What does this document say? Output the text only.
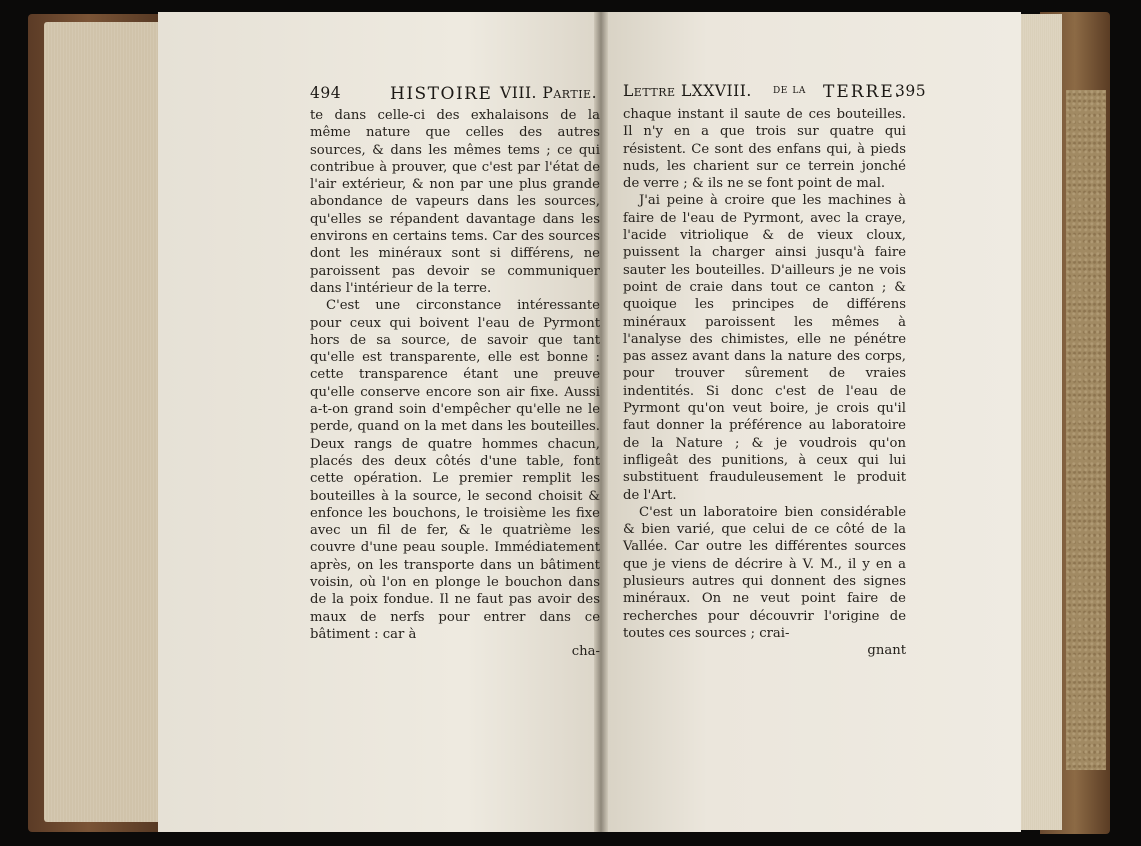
494	HISTOIRE VIII. Partie.

te dans celle-ci des exhalaisons de la même nature que celles des autres sources, & dans les mêmes tems ; ce qui contribue à prouver, que c'est par l'état de l'air extérieur, & non par une plus grande abondance de vapeurs dans les sources, qu'elles se répandent davantage dans les environs en certains tems. Car des sources dont les minéraux sont si différens, ne paroissent pas devoir se communiquer dans l'intérieur de la terre.

C'est une circonstance intéressante pour ceux qui boivent l'eau de Pyrmont hors de sa source, de savoir que tant qu'elle est transparente, elle est bonne : cette transparence étant une preuve qu'elle conserve encore son air fixe. Aussi a-t-on grand soin d'empêcher qu'elle ne le perde, quand on la met dans les bouteilles. Deux rangs de quatre hommes chacun, placés des deux côtés d'une table, font cette opération. Le premier remplit les bouteilles à la source, le second choisit & enfonce les bouchons, le troisième les fixe avec un fil de fer, & le quatrième les couvre d'une peau souple. Immédiatement après, on les transporte dans un bâtiment voisin, où l'on en plonge le bouchon dans de la poix fondue. Il ne faut pas avoir des maux de nerfs pour entrer dans ce bâtiment : car à

cha-

Lettre LXXVIII. de la TERRE.
395

chaque instant il saute de ces bouteilles. Il n'y en a que trois sur quatre qui résistent. Ce sont des enfans qui, à pieds nuds, les charient sur ce terrein jonché de verre ; & ils ne se font point de mal.

J'ai peine à croire que les machines à faire de l'eau de Pyrmont, avec la craye, l'acide vitriolique & de vieux cloux, puissent la charger ainsi jusqu'à faire sauter les bouteilles. D'ailleurs je ne vois point de craie dans tout ce canton ; & quoique les principes de différens minéraux paroissent les mêmes à l'analyse des chimistes, elle ne pénétre pas assez avant dans la nature des corps, pour trouver sûrement de vraies indentités. Si donc c'est de l'eau de Pyrmont qu'on veut boire, je crois qu'il faut donner la préférence au laboratoire de la Nature ; & je voudrois qu'on infligeât des punitions, à ceux qui lui substituent frauduleusement le produit de l'Art.

C'est un laboratoire bien considérable & bien varié, que celui de ce côté de la Vallée. Car outre les différentes sources que je viens de décrire à V. M., il y en a plusieurs autres qui donnent des signes minéraux. On ne veut point faire de recherches pour découvrir l'origine de toutes ces sources ; crai-

gnant
